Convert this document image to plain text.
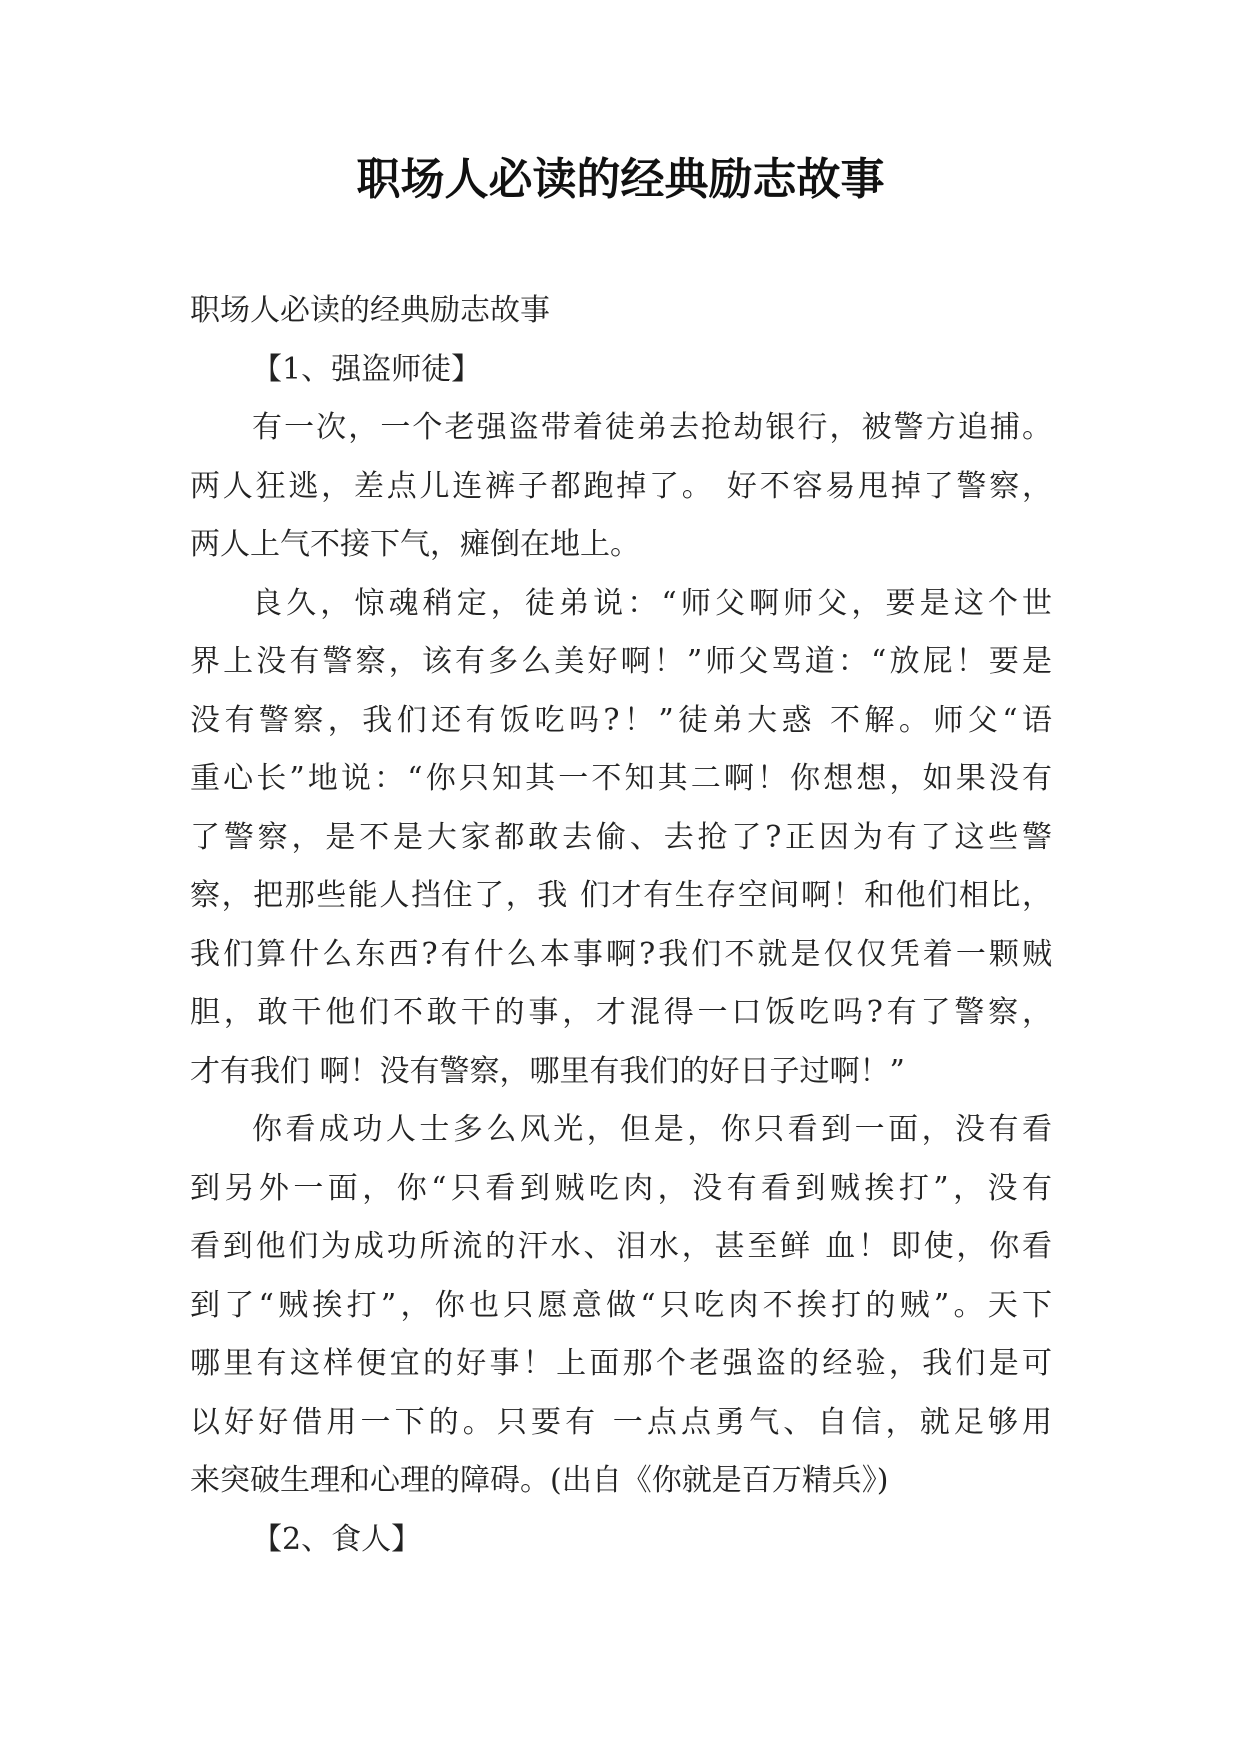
职场人必读的经典励志故事
职场人必读的经典励志故事
【1、强盗师徒】
有一次，一个老强盗带着徒弟去抢劫银行，被警方追捕。
两人狂逃，差点儿连裤子都跑掉了。 好不容易甩掉了警察，
两人上气不接下气，瘫倒在地上。
良久，惊魂稍定，徒弟说：“师父啊师父，要是这个世
界上没有警察，该有多么美好啊！”师父骂道：“放屁！要是
没有警察，我们还有饭吃吗?！”徒弟大惑 不解。师父“语
重心长”地说：“你只知其一不知其二啊！你想想，如果没有
了警察，是不是大家都敢去偷、去抢了?正因为有了这些警
察，把那些能人挡住了，我 们才有生存空间啊！和他们相比，
我们算什么东西?有什么本事啊?我们不就是仅仅凭着一颗贼
胆，敢干他们不敢干的事，才混得一口饭吃吗?有了警察，
才有我们 啊！没有警察，哪里有我们的好日子过啊！”
你看成功人士多么风光，但是，你只看到一面，没有看
到另外一面，你“只看到贼吃肉，没有看到贼挨打”，没有
看到他们为成功所流的汗水、泪水，甚至鲜 血！即使，你看
到了“贼挨打”，你也只愿意做“只吃肉不挨打的贼”。天下
哪里有这样便宜的好事！上面那个老强盗的经验，我们是可
以好好借用一下的。只要有 一点点勇气、自信，就足够用
来突破生理和心理的障碍。(出自《你就是百万精兵》)
【2、食人】
